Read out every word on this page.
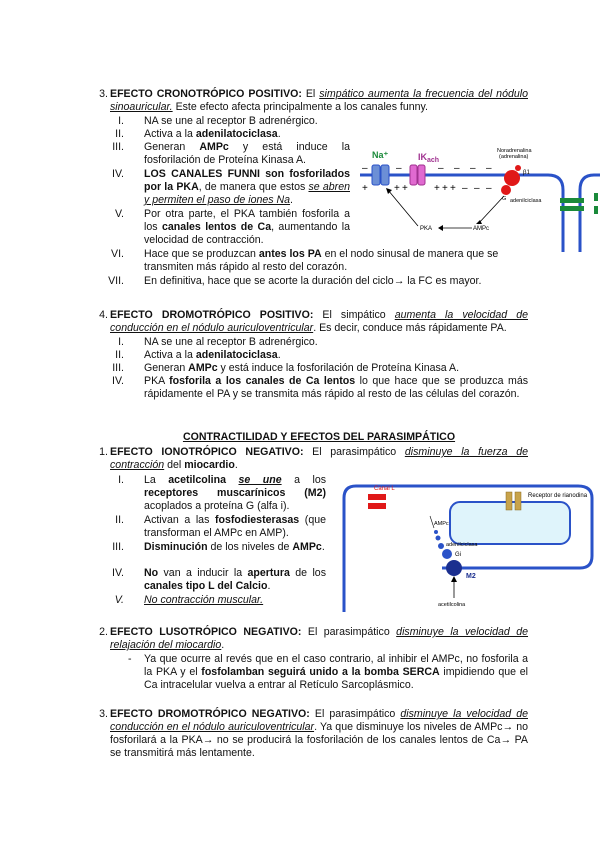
3. EFECTO CRONOTRÓPICO POSITIVO: El simpático aumenta la frecuencia del nódulo sinoauricular. Este efecto afecta principalmente a los canales funny.
I. NA se une al receptor B adrenérgico.
II. Activa a la adenilatociclasa.
III. Generan AMPc y está induce la fosforilación de Proteína Kinasa A.
IV. LOS CANALES FUNNI son fosforilados por la PKA, de manera que estos se abren y permiten el paso de iones Na.
V. Por otra parte, el PKA también fosforila a los canales lentos de Ca, aumentando la velocidad de contracción.
VI. Hace que se produzcan antes los PA en el nodo sinusal de manera que se transmiten más rápido al resto del corazón.
VII. En definitiva, hace que se acorte la duración del ciclo→ la FC es mayor.
Na⁺	$IK_{ach}$
+	+ +	+ + + – – –
–	–	– – – –
Noradrenalina
(adrenalina)
β1
G adenilciclasa
AMPc
PKA
4. EFECTO DROMOTRÓPICO POSITIVO: El simpático aumenta la velocidad de conducción en el nódulo auriculoventricular. Es decir, conduce más rápidamente PA.
I. NA se une al receptor B adrenérgico.
II. Activa a la adenilatociclasa.
III. Generan AMPc y está induce la fosforilación de Proteína Kinasa A.
IV. PKA fosforila a los canales de Ca lentos lo que hace que se produzca más rápidamente el PA y se transmita más rápido al resto de las células del corazón.
CONTRACTILIDAD Y EFECTOS DEL PARASIMPÁTICO
1. EFECTO IONOTRÓPICO NEGATIVO: El parasimpático disminuye la fuerza de contracción del miocardio.
I. La acetilcolina se une a los receptores muscarínicos (M2) acoplados a proteína G (alfa i).
II. Activan a las fosfodiesterasas (que transforman el AMPc en AMP).
III. Disminución de los niveles de AMPc.
IV. No van a inducir la apertura de los canales tipo L del Calcio.
V. No contracción muscular.
Receptor de rianodina
Canal L
AMPc
adenilciclasa
Gi
M2
acetilcolina
2. EFECTO LUSOTRÓPICO NEGATIVO: El parasimpático disminuye la velocidad de relajación del miocardio.
- Ya que ocurre al revés que en el caso contrario, al inhibir el AMPc, no fosforila a la PKA y el fosfolamban seguirá unido a la bomba SERCA impidiendo que el Ca intracelular vuelva a entrar al Retículo Sarcoplásmico.
3. EFECTO DROMOTRÓPICO NEGATIVO: El parasimpático disminuye la velocidad de conducción en el nódulo auriculoventricular. Ya que disminuye los niveles de AMPc→ no fosforilará a la PKA→ no se producirá la fosforilación de los canales lentos de Ca→ PA se transmitirá más lentamente.
